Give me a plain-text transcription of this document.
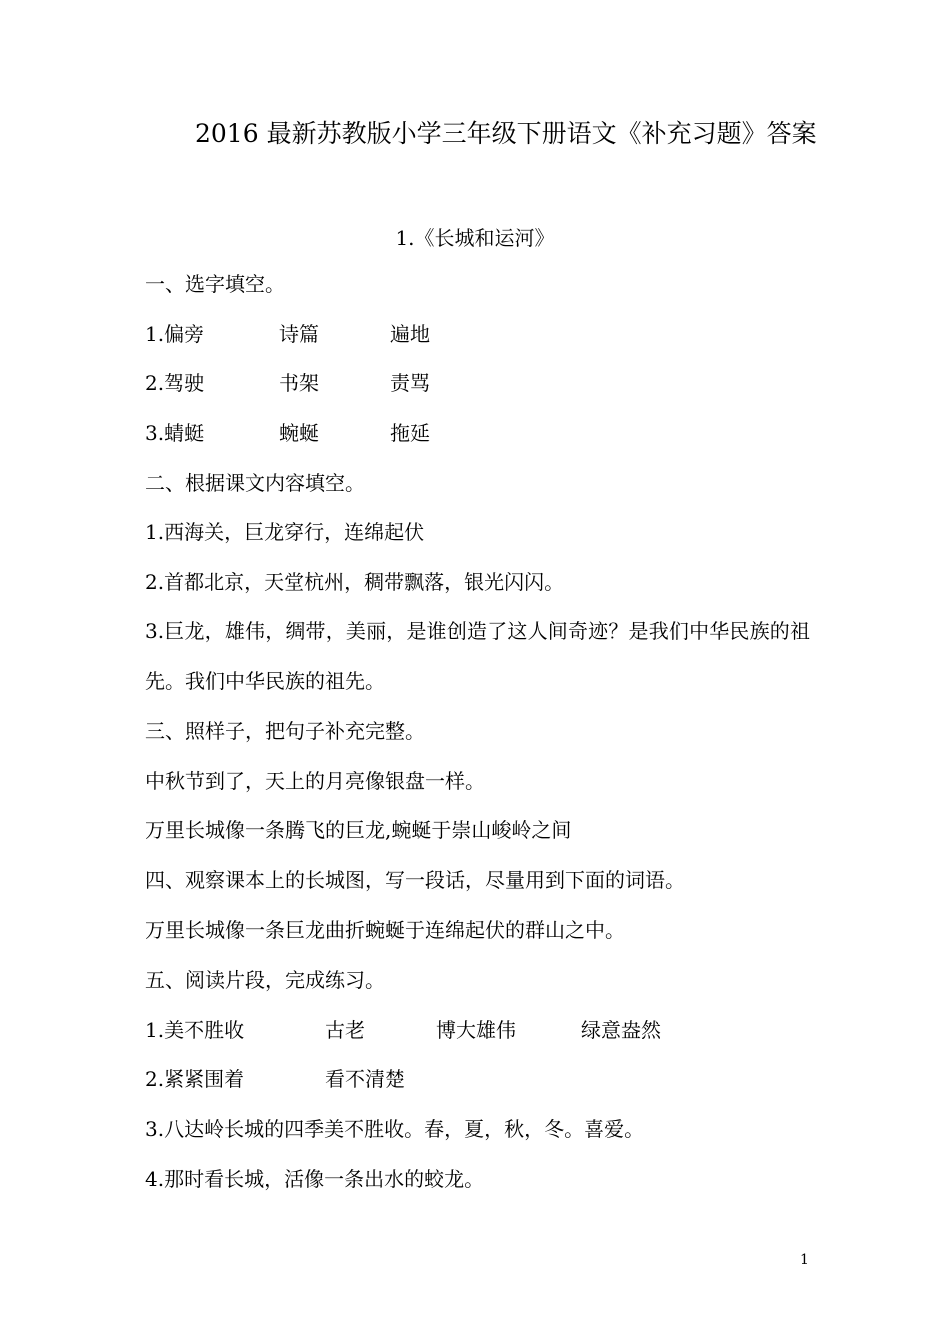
2016 最新苏教版小学三年级下册语文《补充习题》答案
1.《长城和运河》
一、选字填空。
1.偏旁	诗篇	遍地
2.驾驶	书架	责骂
3.蜻蜓	蜿蜒	拖延
二、根据课文内容填空。
1.西海关，巨龙穿行，连绵起伏
2.首都北京，天堂杭州，稠带飘落，银光闪闪。
3.巨龙，雄伟，绸带，美丽，是谁创造了这人间奇迹？是我们中华民族的祖先。我们中华民族的祖先。
三、照样子，把句子补充完整。
中秋节到了，天上的月亮像银盘一样。
万里长城像一条腾飞的巨龙,蜿蜒于崇山峻岭之间
四、观察课本上的长城图，写一段话，尽量用到下面的词语。
万里长城像一条巨龙曲折蜿蜒于连绵起伏的群山之中。
五、阅读片段，完成练习。
1.美不胜收	古老	博大雄伟	绿意盎然
2.紧紧围着	看不清楚
3.八达岭长城的四季美不胜收。春，夏，秋，冬。喜爱。
4.那时看长城，活像一条出水的蛟龙。
1
